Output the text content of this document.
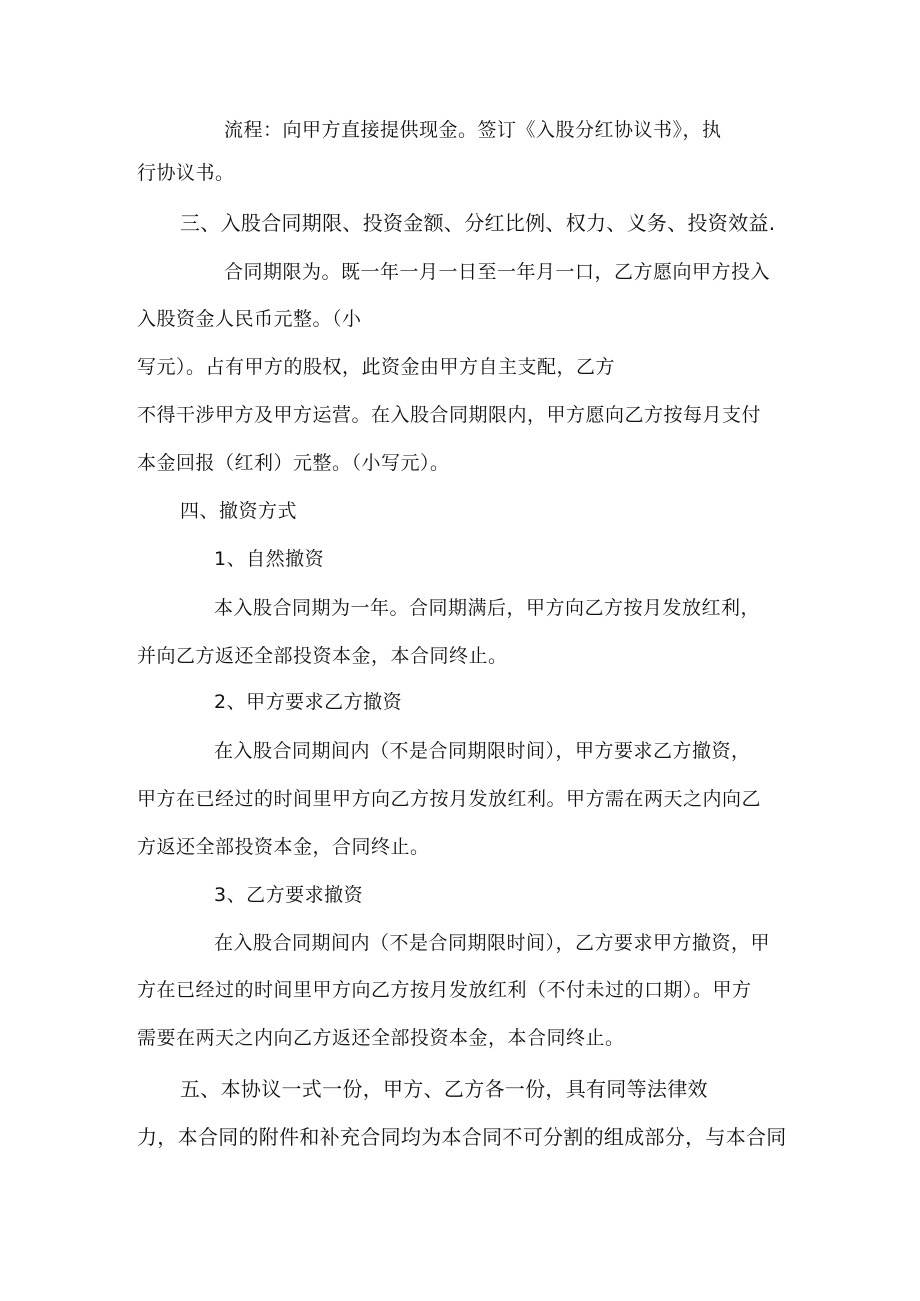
流程：向甲方直接提供现金。签订《入股分红协议书》，执
行协议书。
三、入股合同期限、投资金额、分红比例、权力、义务、投资效益.
合同期限为。既一年一月一日至一年月一口，乙方愿向甲方投入
入股资金人民币元整。（小
写元）。占有甲方的股权，此资金由甲方自主支配，乙方
不得干涉甲方及甲方运营。在入股合同期限内，甲方愿向乙方按每月支付
本金回报（红利）元整。（小写元）。
四、撤资方式
1、自然撤资
本入股合同期为一年。合同期满后，甲方向乙方按月发放红利，
并向乙方返还全部投资本金，本合同终止。
2、甲方要求乙方撤资
在入股合同期间内（不是合同期限时间），甲方要求乙方撤资，
甲方在已经过的时间里甲方向乙方按月发放红利。甲方需在两天之内向乙
方返还全部投资本金，合同终止。
3、乙方要求撤资
在入股合同期间内（不是合同期限时间），乙方要求甲方撤资，甲
方在已经过的时间里甲方向乙方按月发放红利（不付未过的口期）。甲方
需要在两天之内向乙方返还全部投资本金，本合同终止。
五、本协议一式一份，甲方、乙方各一份，具有同等法律效
力，本合同的附件和补充合同均为本合同不可分割的组成部分，与本合同
